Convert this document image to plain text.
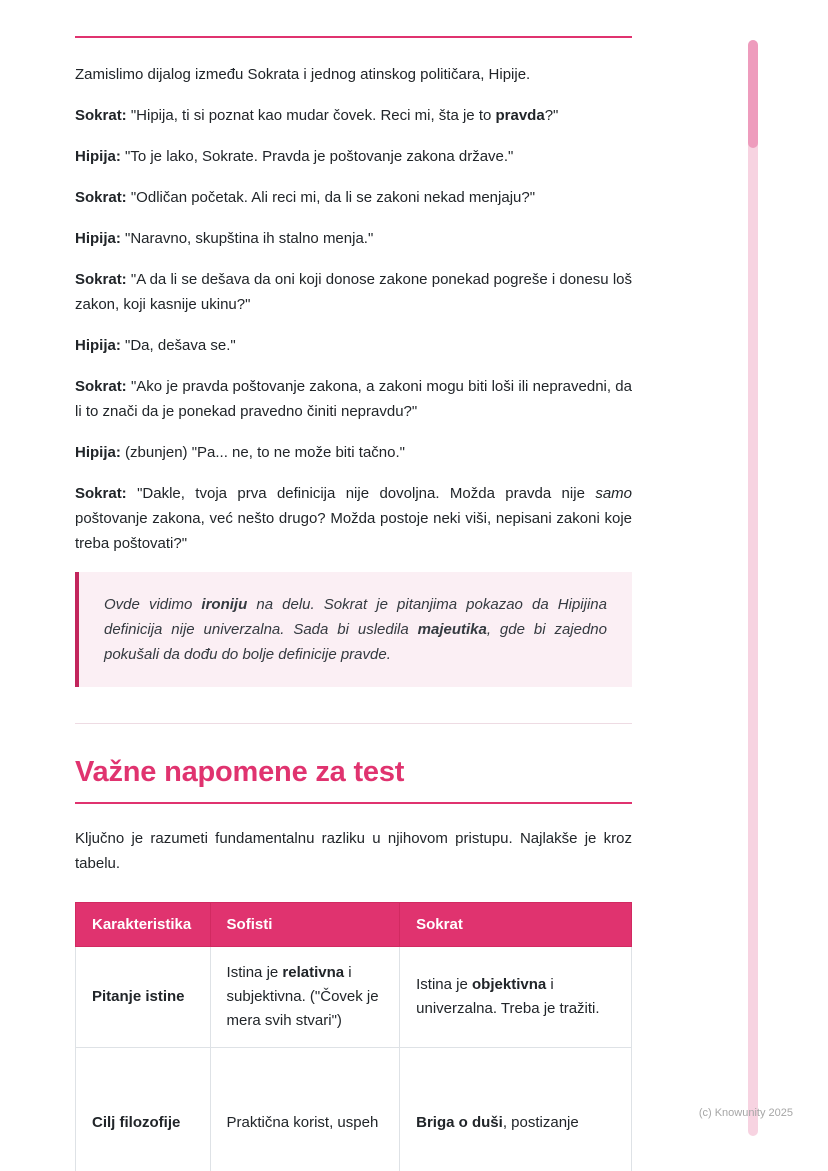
Zamislimo dijalog između Sokrata i jednog atinskog političara, Hipije.

Sokrat: "Hipija, ti si poznat kao mudar čovek. Reci mi, šta je to pravda?"

Hipija: "To je lako, Sokrate. Pravda je poštovanje zakona države."

Sokrat: "Odličan početak. Ali reci mi, da li se zakoni nekad menjaju?"

Hipija: "Naravno, skupština ih stalno menja."

Sokrat: "A da li se dešava da oni koji donose zakone ponekad pogreše i donesu loš zakon, koji kasnije ukinu?"

Hipija: "Da, dešava se."

Sokrat: "Ako je pravda poštovanje zakona, a zakoni mogu biti loši ili nepravedni, da li to znači da je ponekad pravedno činiti nepravdu?"

Hipija: (zbunjen) "Pa... ne, to ne može biti tačno."

Sokrat: "Dakle, tvoja prva definicija nije dovoljna. Možda pravda nije samo poštovanje zakona, već nešto drugo? Možda postoje neki viši, nepisani zakoni koje treba poštovati?"

Ovde vidimo ironiju na delu. Sokrat je pitanjima pokazao da Hipijina definicija nije univerzalna. Sada bi usledila majeutika, gde bi zajedno pokušali da dođu do bolje definicije pravde.

Važne napomene za test

Ključno je razumeti fundamentalnu razliku u njihovom pristupu. Najlakše je kroz tabelu.

Karakteristika	Sofisti	Sokrat
Pitanje istine	Istina je relativna i subjektivna. ("Čovek je mera svih stvari")	Istina je objektivna i univerzalna. Treba je tražiti.
Cilj filozofije	Praktična korist, uspeh	Briga o duši, postizanje
(c) Knowunity 2025
